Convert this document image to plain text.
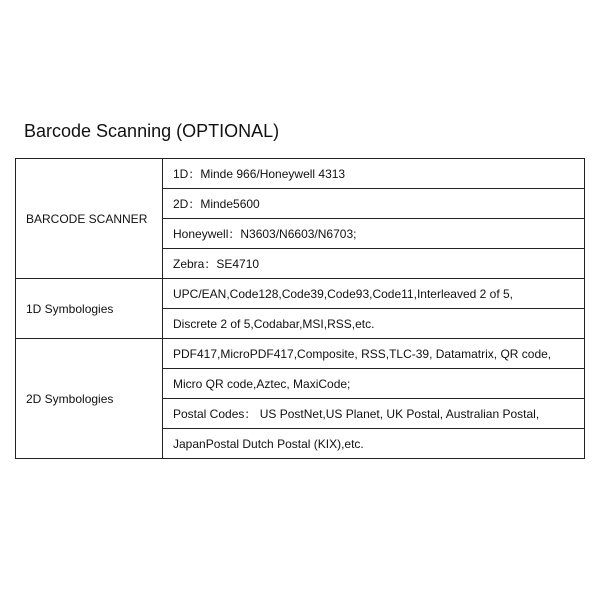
Barcode Scanning (OPTIONAL)
BARCODE SCANNER	1D：Minde 966/Honeywell 4313
	2D：Minde5600
	Honeywell：N3603/N6603/N6703;
	Zebra：SE4710
1D Symbologies	UPC/EAN,Code128,Code39,Code93,Code11,Interleaved 2 of 5,
	Discrete 2 of 5,Codabar,MSI,RSS,etc.
2D Symbologies	PDF417,MicroPDF417,Composite, RSS,TLC-39, Datamatrix, QR code,
	Micro QR code,Aztec, MaxiCode;
	Postal Codes： US PostNet,US Planet, UK Postal, Australian Postal,
	JapanPostal Dutch Postal (KIX),etc.
